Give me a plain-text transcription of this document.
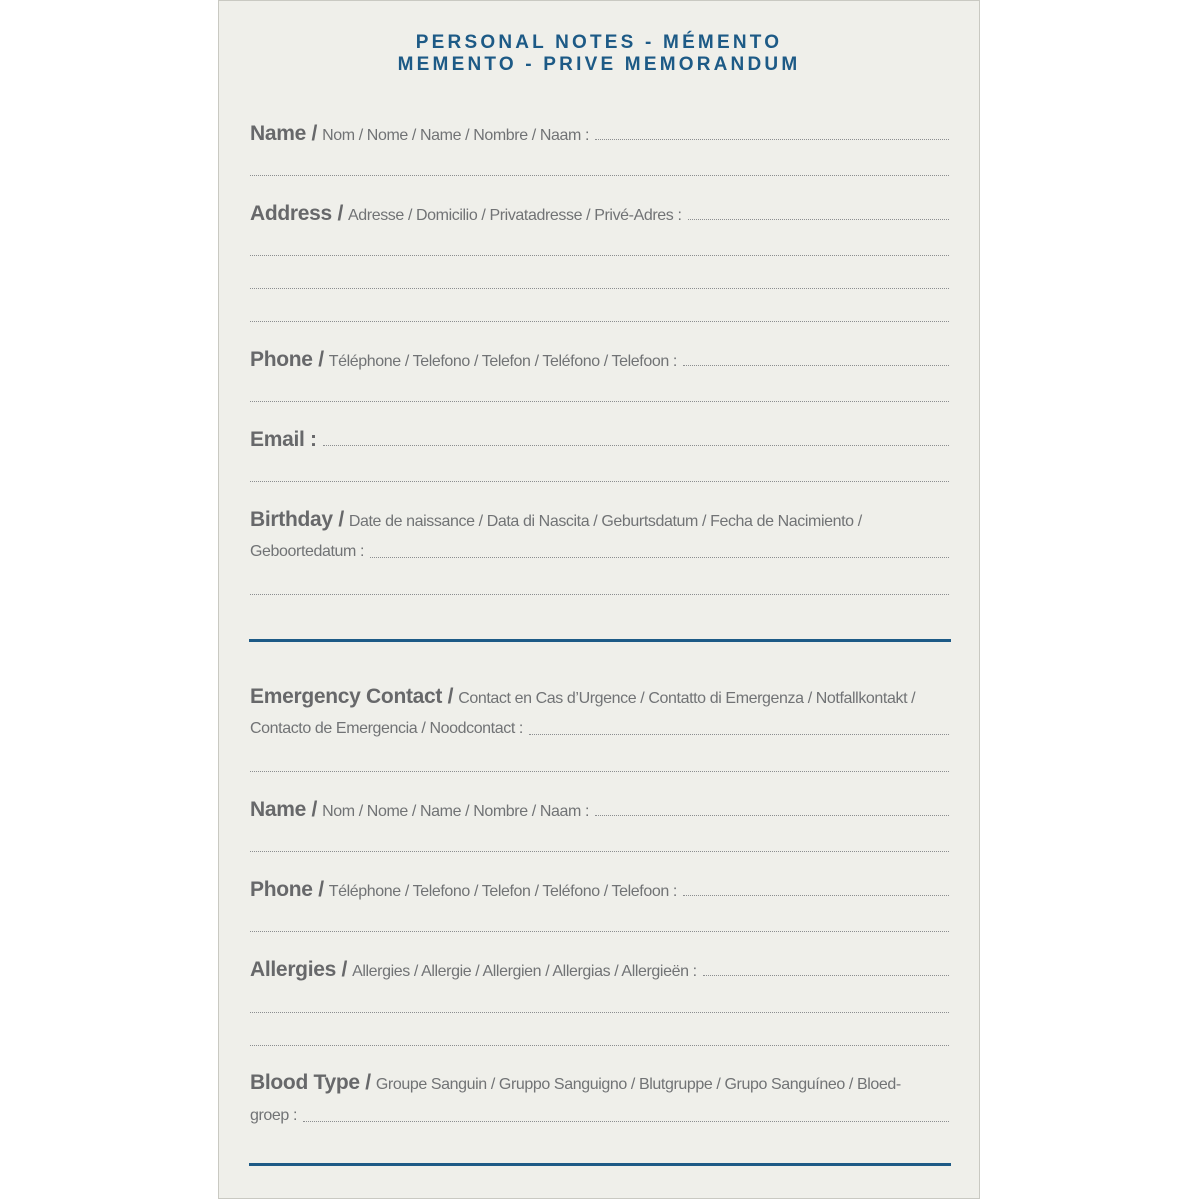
PERSONAL NOTES - MÉMENTO
MEMENTO - PRIVE MEMORANDUM
Name / Nom / Nome / Name / Nombre / Naam :
Address / Adresse / Domicilio / Privatadresse / Privé-Adres :
Phone / Téléphone / Telefono / Telefon / Teléfono / Telefoon :
Email :
Birthday / Date de naissance / Data di Nascita / Geburtsdatum / Fecha de Nacimiento /
Geboortedatum :
Emergency Contact / Contact en Cas d’Urgence / Contatto di Emergenza / Notfallkontakt /
Contacto de Emergencia / Noodcontact :
Name / Nom / Nome / Name / Nombre / Naam :
Phone / Téléphone / Telefono / Telefon / Teléfono / Telefoon :
Allergies / Allergies / Allergie / Allergien / Allergias / Allergieën :
Blood Type / Groupe Sanguin / Gruppo Sanguigno / Blutgruppe / Grupo Sanguíneo / Bloed-
groep :
